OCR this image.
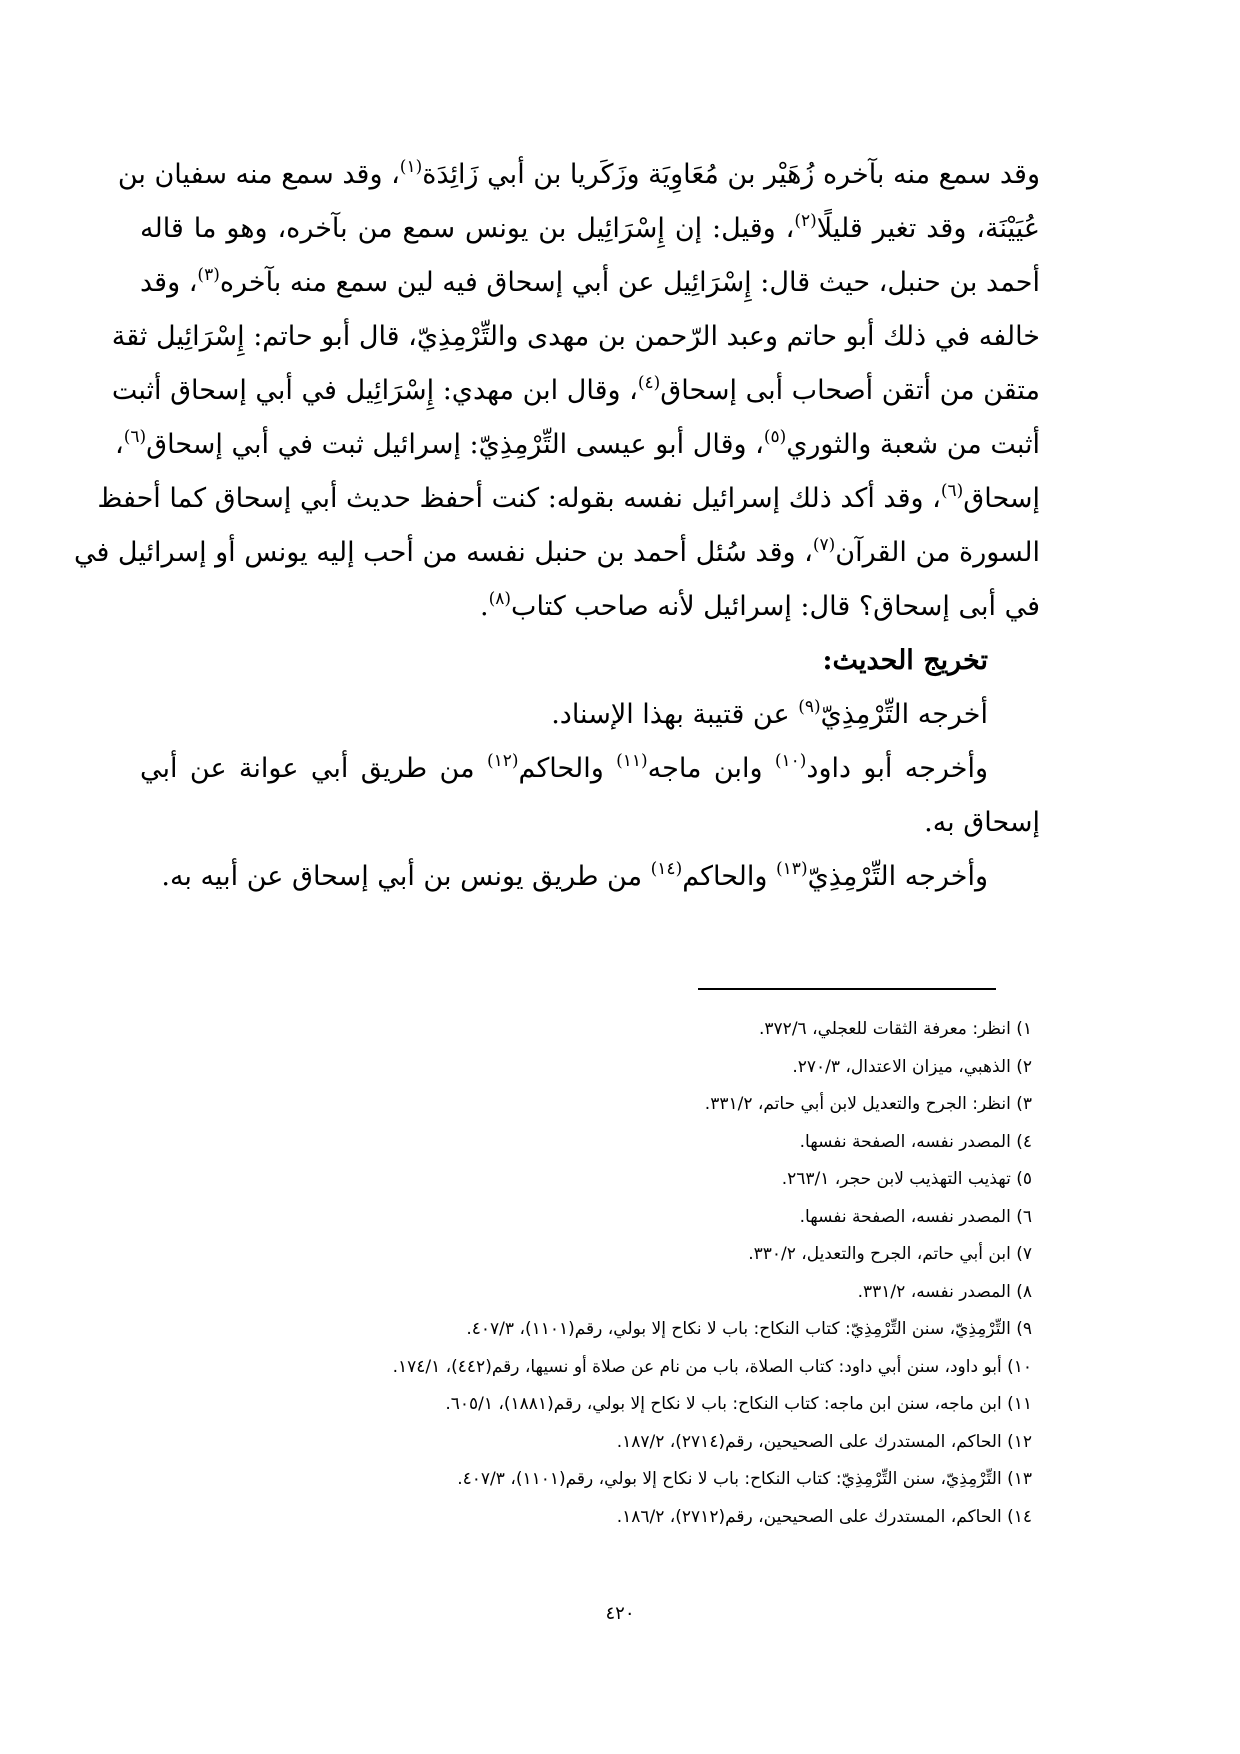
وقد سمع منه بآخره زُهَيْر بن مُعَاوِيَة وزَكَريا بن أبي زَائِدَة$^{(١)}$، وقد سمع منه سفيان بن
عُيَيْنَة، وقد تغير قليلًا$^{(٢)}$، وقيل: إن إِسْرَائِيل بن يونس سمع من بآخره، وهو ما قاله
أحمد بن حنبل، حيث قال: إِسْرَائِيل عن أبي إسحاق فيه لين سمع منه بآخره$^{(٣)}$، وقد
خالفه في ذلك أبو حاتم وعبد الرّحمن بن مهدى والتِّرْمِذِيّ، قال أبو حاتم: إِسْرَائِيل ثقة
متقن من أتقن أصحاب أبى إسحاق$^{(٤)}$، وقال ابن مهدي: إِسْرَائِيل في أبي إسحاق أثبت
أثبت من شعبة والثوري$^{(٥)}$، وقال أبو عيسى التِّرْمِذِيّ: إسرائيل ثبت في أبي إسحاق$^{(٦)}$،
إسحاق$^{(٦)}$، وقد أكد ذلك إسرائيل نفسه بقوله: كنت أحفظ حديث أبي إسحاق كما أحفظ
السورة من القرآن$^{(٧)}$، وقد سُئل أحمد بن حنبل نفسه من أحب إليه يونس أو إسرائيل في
في أبى إسحاق؟ قال: إسرائيل لأنه صاحب كتاب$^{(٨)}$.
تخريج الحديث:
أخرجه التِّرْمِذِيّ$^{(٩)}$ عن قتيبة بهذا الإسناد.
وأخرجه أبو داود$^{(١٠)}$ وابن ماجه$^{(١١)}$ والحاكم$^{(١٢)}$ من طريق أبي عوانة عن أبي
إسحاق به.
وأخرجه التِّرْمِذِيّ$^{(١٣)}$ والحاكم$^{(١٤)}$ من طريق يونس بن أبي إسحاق عن أبيه به.
١) انظر: معرفة الثقات للعجلي، ٣٧٢/٦.
٢) الذهبي، ميزان الاعتدال، ٢٧٠/٣.
٣) انظر: الجرح والتعديل لابن أبي حاتم، ٣٣١/٢.
٤) المصدر نفسه، الصفحة نفسها.
٥) تهذيب التهذيب لابن حجر، ٢٦٣/١.
٦) المصدر نفسه، الصفحة نفسها.
٧) ابن أبي حاتم، الجرح والتعديل، ٣٣٠/٢.
٨) المصدر نفسه، ٣٣١/٢.
٩) التِّرْمِذِيّ، سنن التِّرْمِذِيّ: كتاب النكاح: باب لا نكاح إلا بولي، رقم(١١٠١)، ٤٠٧/٣.
١٠) أبو داود، سنن أبي داود: كتاب الصلاة، باب من نام عن صلاة أو نسيها، رقم(٤٤٢)، ١٧٤/١.
١١) ابن ماجه، سنن ابن ماجه: كتاب النكاح: باب لا نكاح إلا بولي، رقم(١٨٨١)، ٦٠٥/١.
١٢) الحاكم، المستدرك على الصحيحين، رقم(٢٧١٤)، ١٨٧/٢.
١٣) التِّرْمِذِيّ، سنن التِّرْمِذِيّ: كتاب النكاح: باب لا نكاح إلا بولي، رقم(١١٠١)، ٤٠٧/٣.
١٤) الحاكم، المستدرك على الصحيحين، رقم(٢٧١٢)، ١٨٦/٢.
٤٢٠
